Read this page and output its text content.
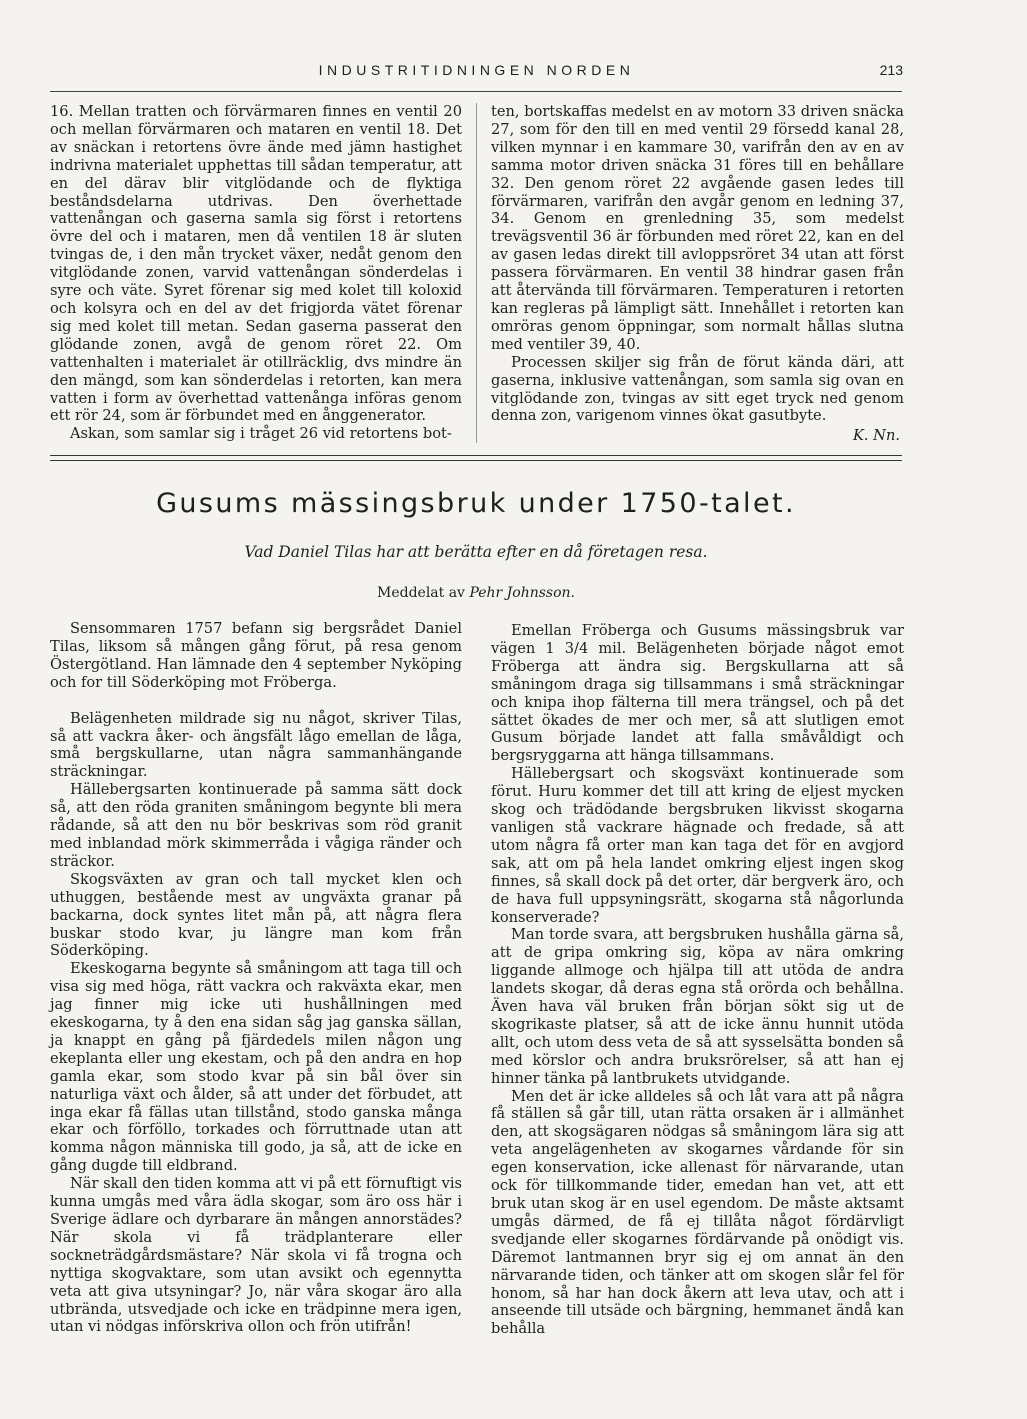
INDUSTRITIDNINGEN NORDEN	213

16. Mellan tratten och förvärmaren finnes en ventil 20 och mellan förvärmaren och mataren en ventil 18. Det av snäckan i retortens övre ände med jämn hastighet indrivna materialet upphettas till sådan temperatur, att en del därav blir vitglödande och de flyktiga beståndsdelarna utdrivas. Den överhettade vattenångan och gaserna samla sig först i retortens övre del och i mataren, men då ventilen 18 är sluten tvingas de, i den mån trycket växer, nedåt genom den vitglödande zonen, varvid vattenångan sönderdelas i syre och väte. Syret förenar sig med kolet till koloxid och kolsyra och en del av det frigjorda vätet förenar sig med kolet till metan. Sedan gaserna passerat den glödande zonen, avgå de genom röret 22. Om vattenhalten i materialet är otillräcklig, dvs mindre än den mängd, som kan sönderdelas i retorten, kan mera vatten i form av överhettad vattenånga införas genom ett rör 24, som är förbundet med en ånggenerator.

Askan, som samlar sig i tråget 26 vid retortens bot-

ten, bortskaffas medelst en av motorn 33 driven snäcka 27, som för den till en med ventil 29 försedd kanal 28, vilken mynnar i en kammare 30, varifrån den av en av samma motor driven snäcka 31 föres till en behållare 32. Den genom röret 22 avgående gasen ledes till förvärmaren, varifrån den avgår genom en ledning 37, 34. Genom en grenledning 35, som medelst trevägsventil 36 är förbunden med röret 22, kan en del av gasen ledas direkt till avloppsröret 34 utan att först passera förvärmaren. En ventil 38 hindrar gasen från att återvända till förvärmaren. Temperaturen i retorten kan regleras på lämpligt sätt. Innehållet i retorten kan omröras genom öppningar, som normalt hållas slutna med ventiler 39, 40.

Processen skiljer sig från de förut kända däri, att gaserna, inklusive vattenångan, som samla sig ovan en vitglödande zon, tvingas av sitt eget tryck ned genom denna zon, varigenom vinnes ökat gasutbyte.

K. Nn.
Gusums mässingsbruk under 1750-talet.
Vad Daniel Tilas har att berätta efter en då företagen resa.
Meddelat av Pehr Johnsson.

Sensommaren 1757 befann sig bergsrådet Daniel Tilas, liksom så mången gång förut, på resa genom Östergötland. Han lämnade den 4 september Nyköping och for till Söderköping mot Fröberga.

Belägenheten mildrade sig nu något, skriver Tilas, så att vackra åker- och ängsfält lågo emellan de låga, små bergskullarne, utan några sammanhängande sträckningar.

Hällebergsarten kontinuerade på samma sätt dock så, att den röda graniten småningom begynte bli mera rådande, så att den nu bör beskrivas som röd granit med inblandad mörk skimmerråda i vågiga ränder och sträckor.

Skogsväxten av gran och tall mycket klen och uthuggen, bestående mest av ungväxta granar på backarna, dock syntes litet mån på, att några flera buskar stodo kvar, ju längre man kom från Söderköping.

Ekeskogarna begynte så småningom att taga till och visa sig med höga, rätt vackra och rakväxta ekar, men jag finner mig icke uti hushållningen med ekeskogarna, ty å den ena sidan såg jag ganska sällan, ja knappt en gång på fjärdedels milen någon ung ekeplanta eller ung ekestam, och på den andra en hop gamla ekar, som stodo kvar på sin bål över sin naturliga växt och ålder, så att under det förbudet, att inga ekar få fällas utan tillstånd, stodo ganska många ekar och förföllo, torkades och förruttnade utan att komma någon människa till godo, ja så, att de icke en gång dugde till eldbrand.

När skall den tiden komma att vi på ett förnuftigt vis kunna umgås med våra ädla skogar, som äro oss här i Sverige ädlare och dyrbarare än mången annorstädes? När skola vi få trädplanterare eller sockneträdgårdsmästare? När skola vi få trogna och nyttiga skogvaktare, som utan avsikt och egennytta veta att giva utsyningar? Jo, när våra skogar äro alla utbrända, utsvedjade och icke en trädpinne mera igen, utan vi nödgas införskriva ollon och frön utifrån!

Emellan Fröberga och Gusums mässingsbruk var vägen 1 3/4 mil. Belägenheten började något emot Fröberga att ändra sig. Bergskullarna att så småningom draga sig tillsammans i små sträckningar och knipa ihop fälterna till mera trängsel, och på det sättet ökades de mer och mer, så att slutligen emot Gusum började landet att falla småvåldigt och bergsryggarna att hänga tillsammans.

Hällebergsart och skogsväxt kontinuerade som förut. Huru kommer det till att kring de eljest mycken skog och trädödande bergsbruken likvisst skogarna vanligen stå vackrare hägnade och fredade, så att utom några få orter man kan taga det för en avgjord sak, att om på hela landet omkring eljest ingen skog finnes, så skall dock på det orter, där bergverk äro, och de hava full uppsyningsrätt, skogarna stå någorlunda konserverade?

Man torde svara, att bergsbruken hushålla gärna så, att de gripa omkring sig, köpa av nära omkring liggande allmoge och hjälpa till att utöda de andra landets skogar, då deras egna stå orörda och behållna. Även hava väl bruken från början sökt sig ut de skogrikaste platser, så att de icke ännu hunnit utöda allt, och utom dess veta de så att sysselsätta bonden så med körslor och andra bruksrörelser, så att han ej hinner tänka på lantbrukets utvidgande.

Men det är icke alldeles så och låt vara att på några få ställen så går till, utan rätta orsaken är i allmänhet den, att skogsägaren nödgas så småningom lära sig att veta angelägenheten av skogarnes vårdande för sin egen konservation, icke allenast för närvarande, utan ock för tillkommande tider, emedan han vet, att ett bruk utan skog är en usel egendom. De måste aktsamt umgås därmed, de få ej tillåta något fördärvligt svedjande eller skogarnes fördärvande på onödigt vis. Däremot lantmannen bryr sig ej om annat än den närvarande tiden, och tänker att om skogen slår fel för honom, så har han dock åkern att leva utav, och att i anseende till utsäde och bärgning, hemmanet ändå kan behålla
